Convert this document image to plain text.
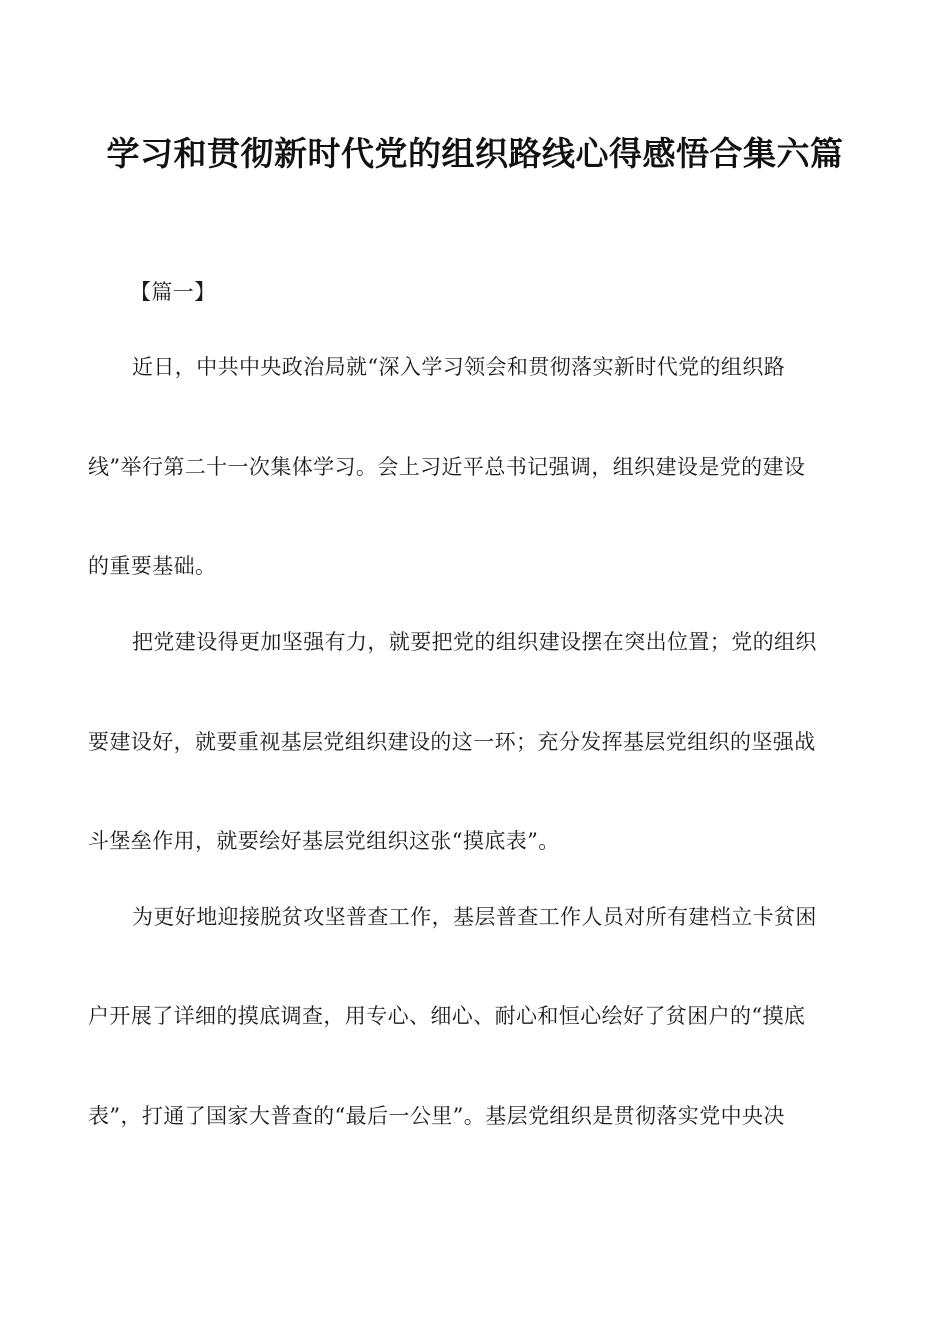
学习和贯彻新时代党的组织路线心得感悟合集六篇
【篇一】
近日，中共中央政治局就“深入学习领会和贯彻落实新时代党的组织路
线”举行第二十一次集体学习。会上习近平总书记强调，组织建设是党的建设
的重要基础。
把党建设得更加坚强有力，就要把党的组织建设摆在突出位置；党的组织
要建设好，就要重视基层党组织建设的这一环；充分发挥基层党组织的坚强战
斗堡垒作用，就要绘好基层党组织这张“摸底表”。
为更好地迎接脱贫攻坚普查工作，基层普查工作人员对所有建档立卡贫困
户开展了详细的摸底调查，用专心、细心、耐心和恒心绘好了贫困户的“摸底
表”，打通了国家大普查的“最后一公里”。基层党组织是贯彻落实党中央决
